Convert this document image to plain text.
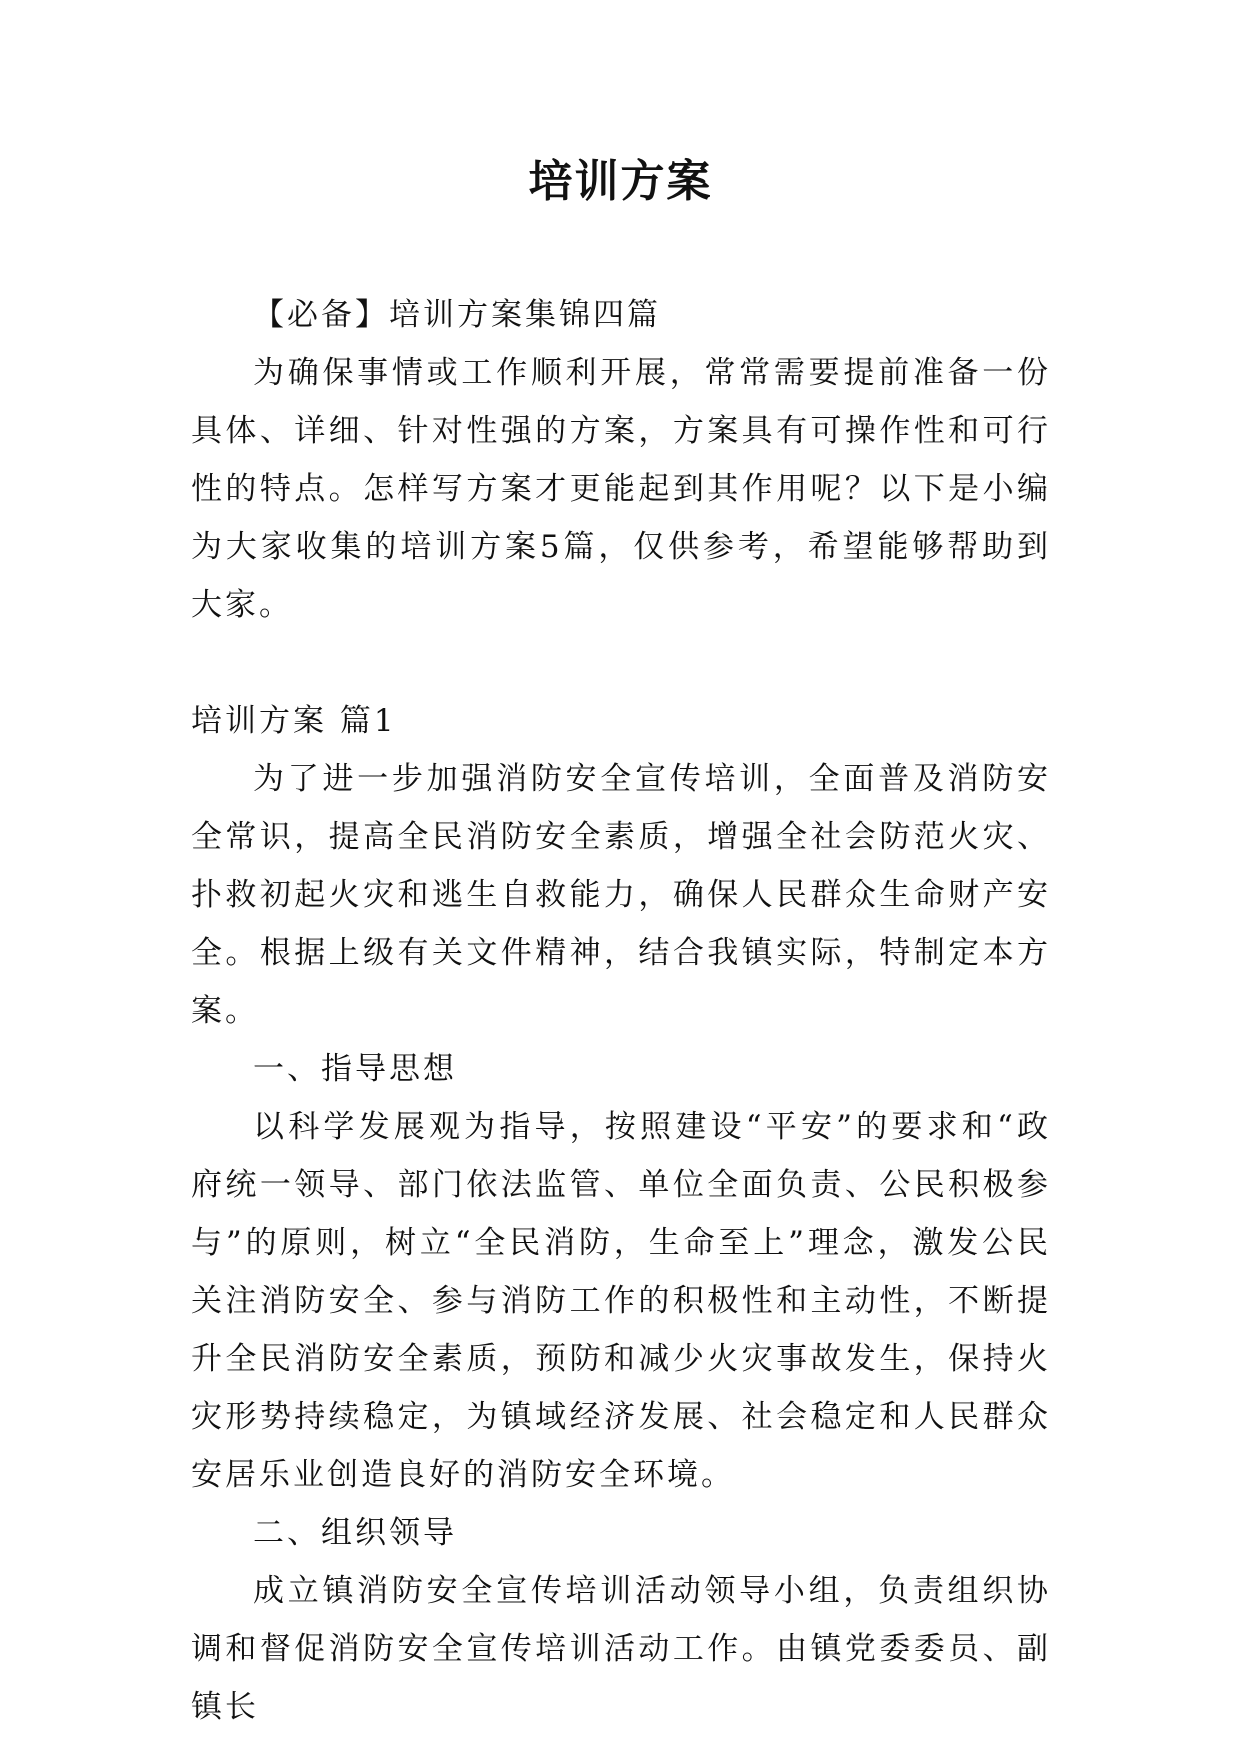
培训方案

【必备】培训方案集锦四篇

为确保事情或工作顺利开展，常常需要提前准备一份具体、详细、针对性强的方案，方案具有可操作性和可行性的特点。怎样写方案才更能起到其作用呢？以下是小编为大家收集的培训方案5篇，仅供参考，希望能够帮助到大家。

培训方案 篇1

为了进一步加强消防安全宣传培训，全面普及消防安全常识，提高全民消防安全素质，增强全社会防范火灾、扑救初起火灾和逃生自救能力，确保人民群众生命财产安全。根据上级有关文件精神，结合我镇实际，特制定本方案。

一、指导思想

以科学发展观为指导，按照建设“平安”的要求和“政府统一领导、部门依法监管、单位全面负责、公民积极参与”的原则，树立“全民消防，生命至上”理念，激发公民关注消防安全、参与消防工作的积极性和主动性，不断提升全民消防安全素质，预防和减少火灾事故发生，保持火灾形势持续稳定，为镇域经济发展、社会稳定和人民群众安居乐业创造良好的消防安全环境。

二、组织领导

成立镇消防安全宣传培训活动领导小组，负责组织协调和督促消防安全宣传培训活动工作。由镇党委委员、副镇长
